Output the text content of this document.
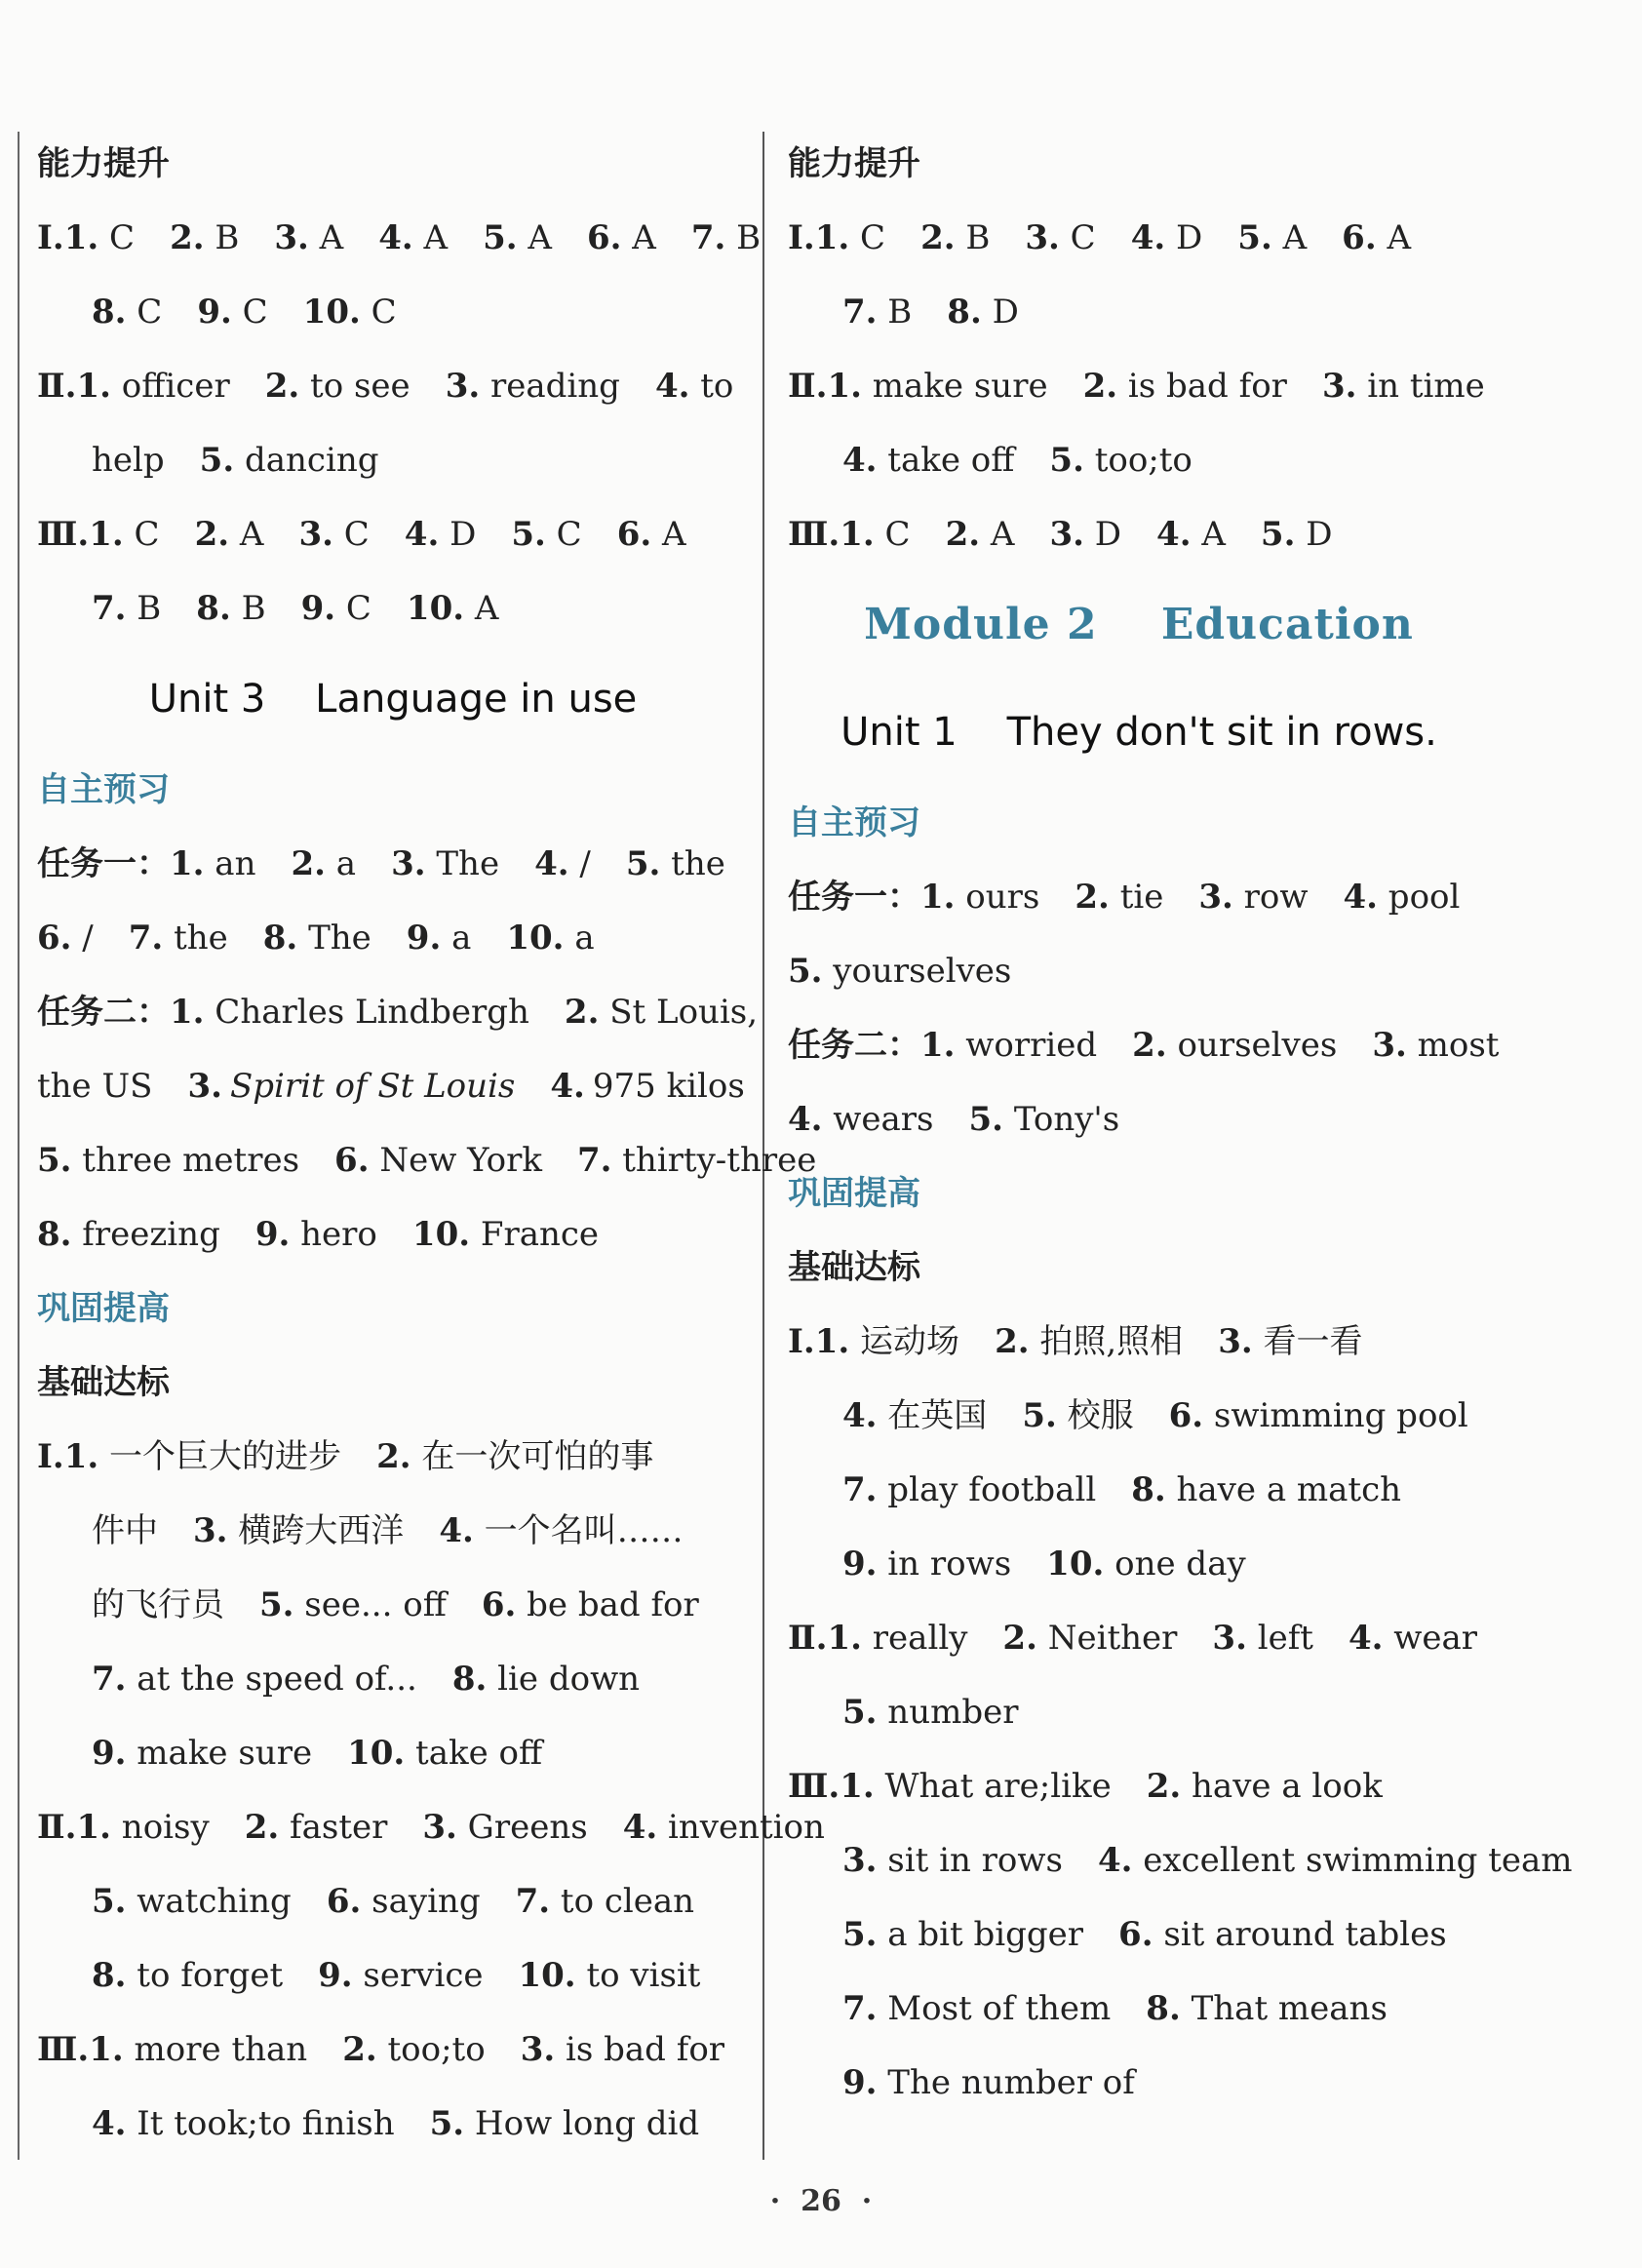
能力提升
Ⅰ.1. C 2. B 3. A 4. A 5. A 6. A 7. B
8. C 9. C 10. C
Ⅱ.1. officer 2. to see 3. reading 4. to
help 5. dancing
Ⅲ.1. C 2. A 3. C 4. D 5. C 6. A
7. B 8. B 9. C 10. A
Unit 3    Language in use
自主预习
任务一：1. an 2. a 3. The 4. / 5. the
6. / 7. the 8. The 9. a 10. a
任务二：1. Charles Lindbergh 2. St Louis,
the US 3. Spirit of St Louis 4. 975 kilos
5. three metres 6. New York 7. thirty-three
8. freezing 9. hero 10. France
巩固提高
基础达标
Ⅰ.1. 一个巨大的进步 2. 在一次可怕的事
件中 3. 横跨大西洋 4. 一个名叫……
的飞行员 5. see... off 6. be bad for
7. at the speed of... 8. lie down
9. make sure 10. take off
Ⅱ.1. noisy 2. faster 3. Greens 4. invention
5. watching 6. saying 7. to clean
8. to forget 9. service 10. to visit
Ⅲ.1. more than 2. too;to 3. is bad for
4. It took;to finish 5. How long did
能力提升
Ⅰ.1. C 2. B 3. C 4. D 5. A 6. A
7. B 8. D
Ⅱ.1. make sure 2. is bad for 3. in time
4. take off 5. too;to
Ⅲ.1. C 2. A 3. D 4. A 5. D
Module 2    Education
Unit 1    They don't sit in rows.
自主预习
任务一：1. ours 2. tie 3. row 4. pool
5. yourselves
任务二：1. worried 2. ourselves 3. most
4. wears 5. Tony's
巩固提高
基础达标
Ⅰ.1. 运动场 2. 拍照,照相 3. 看一看
4. 在英国 5. 校服 6. swimming pool
7. play football 8. have a match
9. in rows 10. one day
Ⅱ.1. really 2. Neither 3. left 4. wear
5. number
Ⅲ.1. What are;like 2. have a look
3. sit in rows 4. excellent swimming team
5. a bit bigger 6. sit around tables
7. Most of them 8. That means
9. The number of
·  26  ·
